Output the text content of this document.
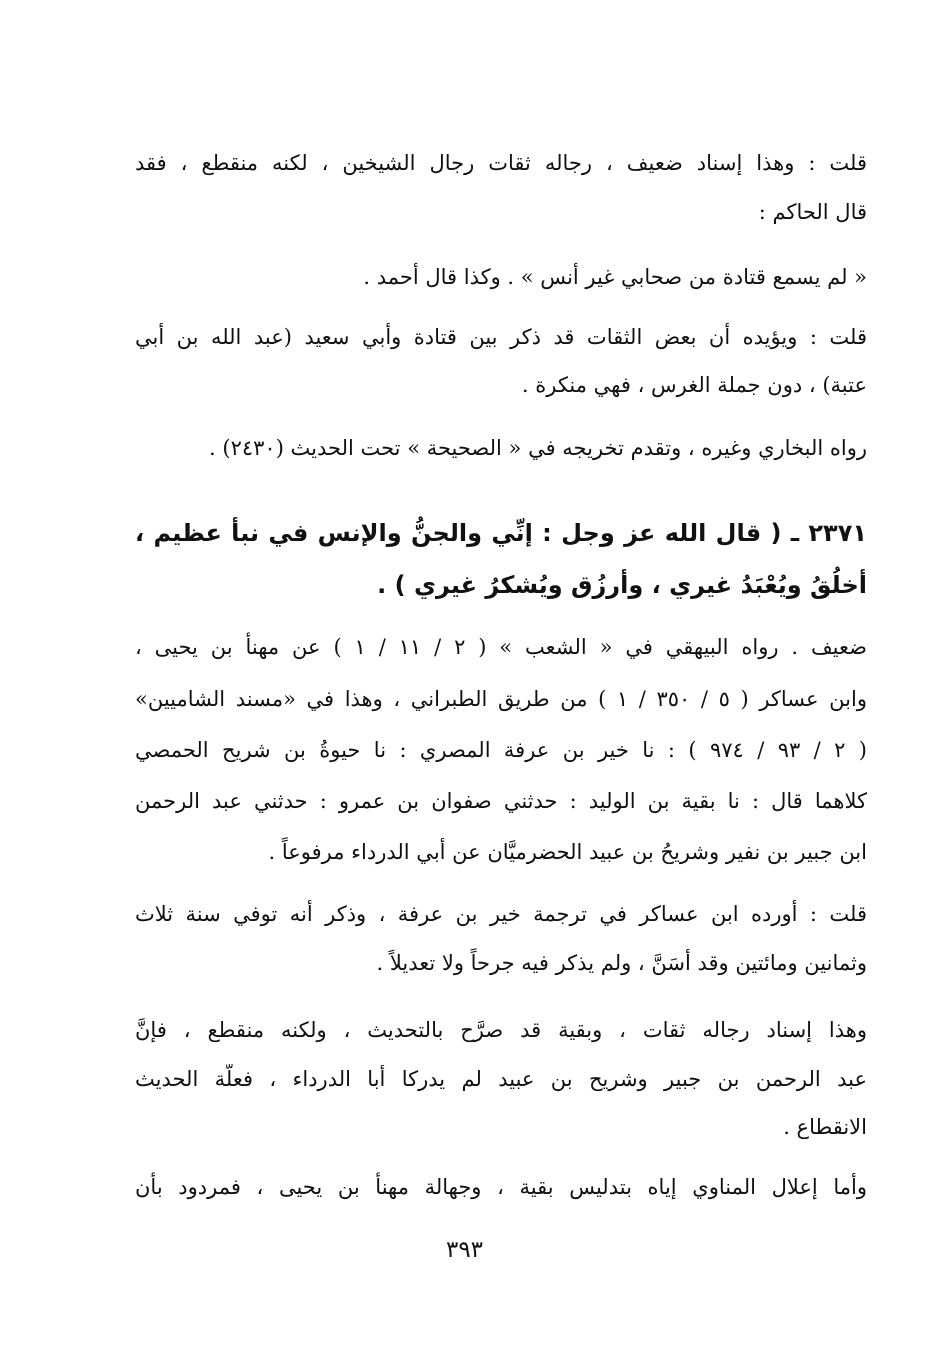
قلت : وهذا إسناد ضعيف ، رجاله ثقات رجال الشيخين ، لكنه منقطع ، فقد
قال الحاكم :
« لم يسمع قتادة من صحابي غير أنس » . وكذا قال أحمد .
قلت : ويؤيده أن بعض الثقات قد ذكر بين قتادة وأبي سعيد (عبد الله بن أبي
عتبة) ، دون جملة الغرس ، فهي منكرة .
رواه البخاري وغيره ، وتقدم تخريجه في « الصحيحة » تحت الحديث (٢٤٣٠) .
٢٣٧١ ـ ( قال الله عز وجل : إنِّي والجنُّ والإنس في نبأ عظيم ،
أخلُقُ ويُعْبَدُ غيري ، وأرزُق ويُشكرُ غيري ) .
ضعيف . رواه البيهقي في « الشعب » ( ٢ / ١١ / ١ ) عن مهنأ بن يحيى ،
وابن عساكر ( ٥ / ٣٥٠ / ١ ) من طريق الطبراني ، وهذا في «مسند الشاميين»
( ٢ / ٩٣ / ٩٧٤ ) : نا خير بن عرفة المصري : نا حيوةُ بن شريح الحمصي
كلاهما قال : نا بقية بن الوليد : حدثني صفوان بن عمرو : حدثني عبد الرحمن
ابن جبير بن نفير وشريحُ بن عبيد الحضرميَّان عن أبي الدرداء مرفوعاً .
قلت : أورده ابن عساكر في ترجمة خير بن عرفة ، وذكر أنه توفي سنة ثلاث
وثمانين ومائتين وقد أسَنَّ ، ولم يذكر فيه جرحاً ولا تعديلاً .
وهذا إسناد رجاله ثقات ، وبقية قد صرَّح بالتحديث ، ولكنه منقطع ، فإنَّ
عبد الرحمن بن جبير وشريح بن عبيد لم يدركا أبا الدرداء ، فعلَّة الحديث
الانقطاع .
وأما إعلال المناوي إياه بتدليس بقية ، وجهالة مهنأ بن يحيى ، فمردود بأن
٣٩٣
